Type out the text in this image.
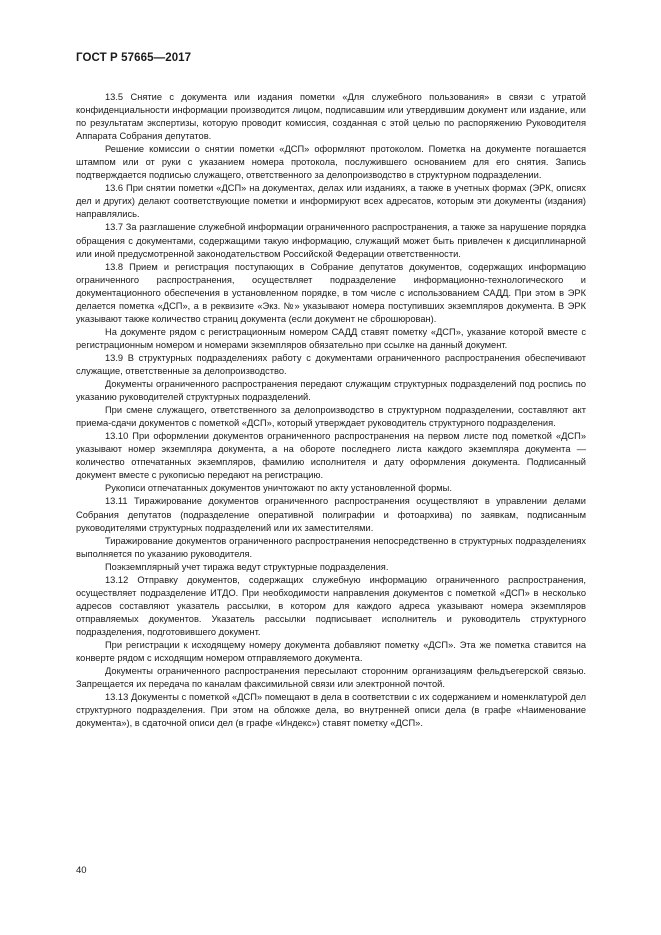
ГОСТ Р 57665—2017

13.5 Снятие с документа или издания пометки «Для служебного пользования» в связи с утратой конфиденциальности информации производится лицом, подписавшим или утвердившим документ или издание, или по результатам экспертизы, которую проводит комиссия, созданная с этой целью по распоряжению Руководителя Аппарата Собрания депутатов.

Решение комиссии о снятии пометки «ДСП» оформляют протоколом. Пометка на документе погашается штампом или от руки с указанием номера протокола, послужившего основанием для его снятия. Запись подтверждается подписью служащего, ответственного за делопроизводство в структурном подразделении.

13.6 При снятии пометки «ДСП» на документах, делах или изданиях, а также в учетных формах (ЭРК, описях дел и других) делают соответствующие пометки и информируют всех адресатов, которым эти документы (издания) направлялись.

13.7 За разглашение служебной информации ограниченного распространения, а также за нарушение порядка обращения с документами, содержащими такую информацию, служащий может быть привлечен к дисциплинарной или иной предусмотренной законодательством Российской Федерации ответственности.

13.8 Прием и регистрация поступающих в Собрание депутатов документов, содержащих информацию ограниченного распространения, осуществляет подразделение информационно-технологического и документационного обеспечения в установленном порядке, в том числе с использованием САДД. При этом в ЭРК делается пометка «ДСП», а в реквизите «Экз. №» указывают номера поступивших экземпляров документа. В ЭРК указывают также количество страниц документа (если документ не сброшюрован).

На документе рядом с регистрационным номером САДД ставят пометку «ДСП», указание которой вместе с регистрационным номером и номерами экземпляров обязательно при ссылке на данный документ.

13.9 В структурных подразделениях работу с документами ограниченного распространения обеспечивают служащие, ответственные за делопроизводство.

Документы ограниченного распространения передают служащим структурных подразделений под роспись по указанию руководителей структурных подразделений.

При смене служащего, ответственного за делопроизводство в структурном подразделении, составляют акт приема-сдачи документов с пометкой «ДСП», который утверждает руководитель структурного подразделения.

13.10 При оформлении документов ограниченного распространения на первом листе под пометкой «ДСП» указывают номер экземпляра документа, а на обороте последнего листа каждого экземпляра документа — количество отпечатанных экземпляров, фамилию исполнителя и дату оформления документа. Подписанный документ вместе с рукописью передают на регистрацию.

Рукописи отпечатанных документов уничтожают по акту установленной формы.

13.11 Тиражирование документов ограниченного распространения осуществляют в управлении делами Собрания депутатов (подразделение оперативной полиграфии и фотоархива) по заявкам, подписанным руководителями структурных подразделений или их заместителями.

Тиражирование документов ограниченного распространения непосредственно в структурных подразделениях выполняется по указанию руководителя.

Поэкземплярный учет тиража ведут структурные подразделения.

13.12 Отправку документов, содержащих служебную информацию ограниченного распространения, осуществляет подразделение ИТДО. При необходимости направления документов с пометкой «ДСП» в несколько адресов составляют указатель рассылки, в котором для каждого адреса указывают номера экземпляров отправляемых документов. Указатель рассылки подписывает исполнитель и руководитель структурного подразделения, подготовившего документ.

При регистрации к исходящему номеру документа добавляют пометку «ДСП». Эта же пометка ставится на конверте рядом с исходящим номером отправляемого документа.

Документы ограниченного распространения пересылают сторонним организациям фельдъегерской связью. Запрещается их передача по каналам факсимильной связи или электронной почтой.

13.13 Документы с пометкой «ДСП» помещают в дела в соответствии с их содержанием и номенклатурой дел структурного подразделения. При этом на обложке дела, во внутренней описи дела (в графе «Наименование документа»), в сдаточной описи дел (в графе «Индекс») ставят пометку «ДСП».

40
